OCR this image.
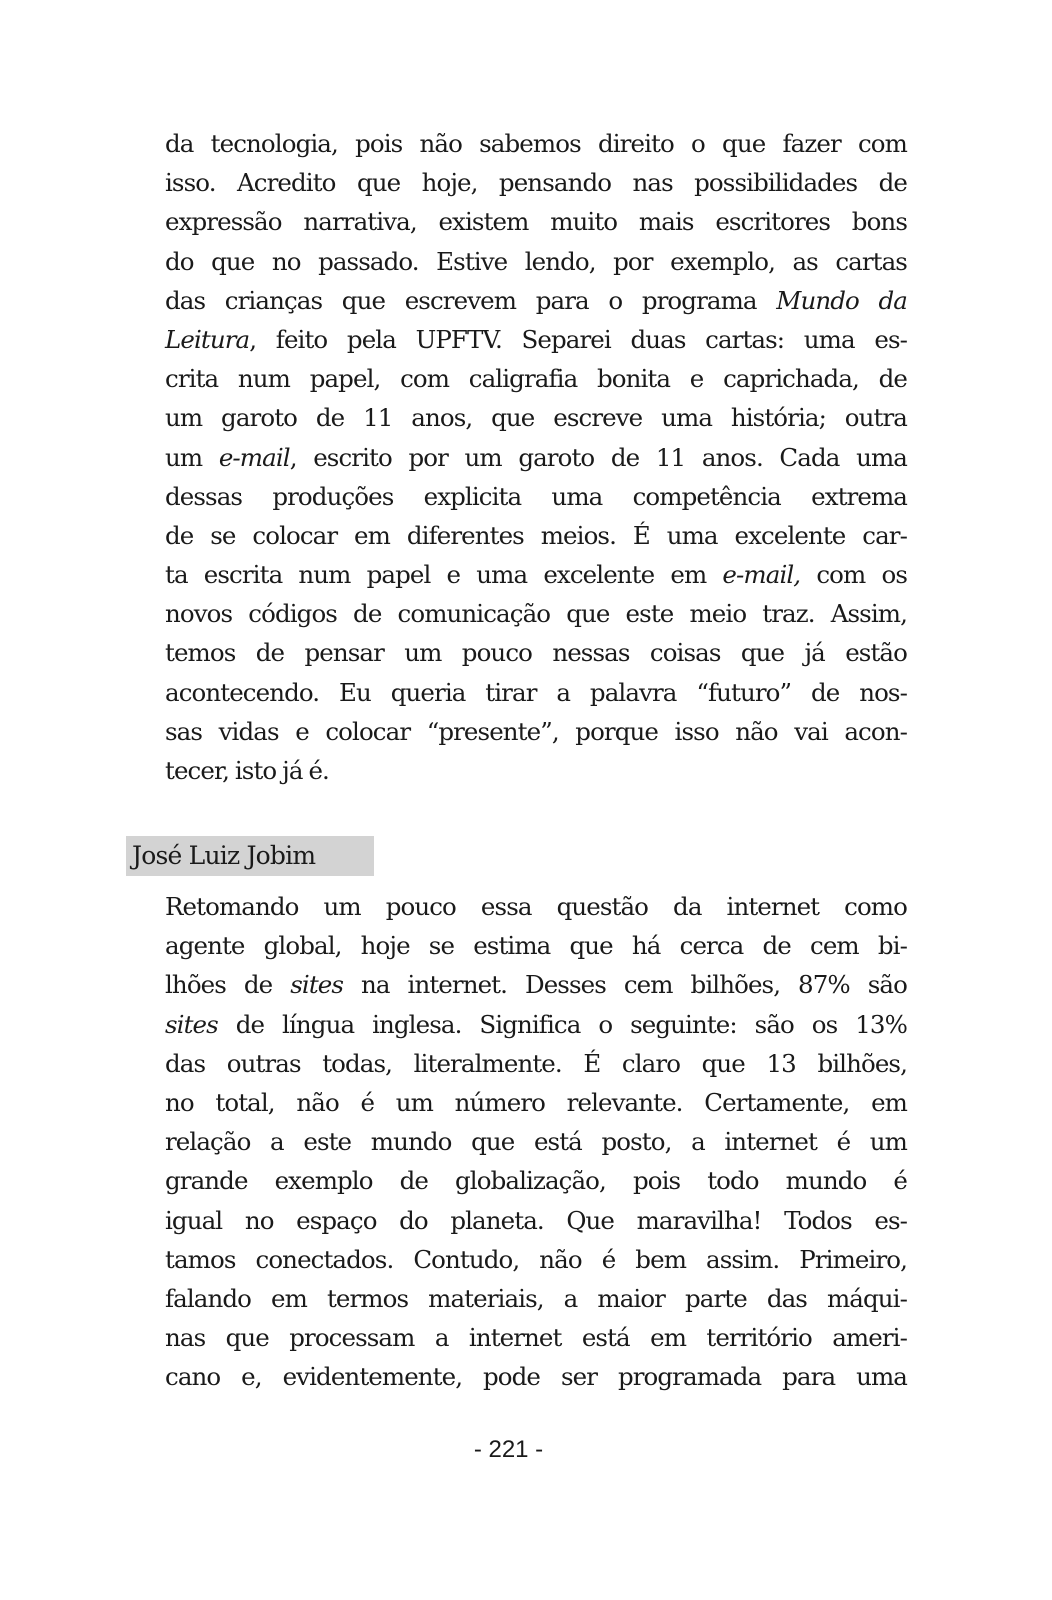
da tecnologia, pois não sabemos direito o que fazer com
isso. Acredito que hoje, pensando nas possibilidades de
expressão narrativa, existem muito mais escritores bons
do que no passado. Estive lendo, por exemplo, as cartas
das crianças que escrevem para o programa Mundo da
Leitura, feito pela UPFTV. Separei duas cartas: uma es-
crita num papel, com caligrafia bonita e caprichada, de
um garoto de 11 anos, que escreve uma história; outra
um e-mail, escrito por um garoto de 11 anos. Cada uma
dessas produções explicita uma competência extrema
de se colocar em diferentes meios. É uma excelente car-
ta escrita num papel e uma excelente em e-mail, com os
novos códigos de comunicação que este meio traz. Assim,
temos de pensar um pouco nessas coisas que já estão
acontecendo. Eu queria tirar a palavra “futuro” de nos-
sas vidas e colocar “presente”, porque isso não vai acon-
tecer, isto já é.
José Luiz Jobim
Retomando um pouco essa questão da internet como
agente global, hoje se estima que há cerca de cem bi-
lhões de sites na internet. Desses cem bilhões, 87% são
sites de língua inglesa. Significa o seguinte: são os 13%
das outras todas, literalmente. É claro que 13 bilhões,
no total, não é um número relevante. Certamente, em
relação a este mundo que está posto, a internet é um
grande exemplo de globalização, pois todo mundo é
igual no espaço do planeta. Que maravilha! Todos es-
tamos conectados. Contudo, não é bem assim. Primeiro,
falando em termos materiais, a maior parte das máqui-
nas que processam a internet está em território ameri-
cano e, evidentemente, pode ser programada para uma
- 221 -
